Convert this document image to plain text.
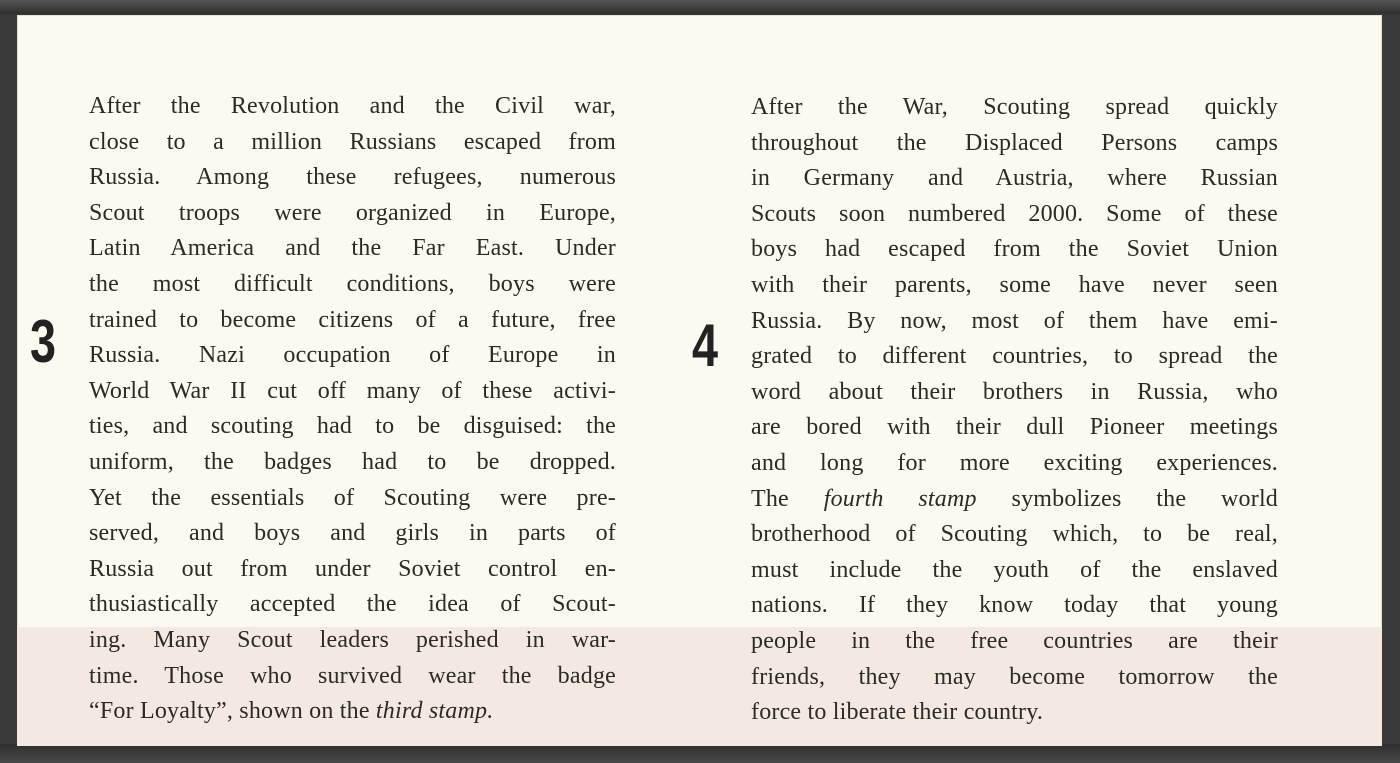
3
After the Revolution and the Civil war,
close to a million Russians escaped from
Russia. Among these refugees, numerous
Scout troops were organized in Europe,
Latin America and the Far East. Under
the most difficult conditions, boys were
trained to become citizens of a future, free
Russia. Nazi occupation of Europe in
World War II cut off many of these activi-
ties, and scouting had to be disguised: the
uniform, the badges had to be dropped.
Yet the essentials of Scouting were pre-
served, and boys and girls in parts of
Russia out from under Soviet control en-
thusiastically accepted the idea of Scout-
ing. Many Scout leaders perished in war-
time. Those who survived wear the badge
“For Loyalty”, shown on the third stamp.
4
After the War, Scouting spread quickly
throughout the Displaced Persons camps
in Germany and Austria, where Russian
Scouts soon numbered 2000. Some of these
boys had escaped from the Soviet Union
with their parents, some have never seen
Russia. By now, most of them have emi-
grated to different countries, to spread the
word about their brothers in Russia, who
are bored with their dull Pioneer meetings
and long for more exciting experiences.
The fourth stamp symbolizes the world
brotherhood of Scouting which, to be real,
must include the youth of the enslaved
nations. If they know today that young
people in the free countries are their
friends, they may become tomorrow the
force to liberate their country.
